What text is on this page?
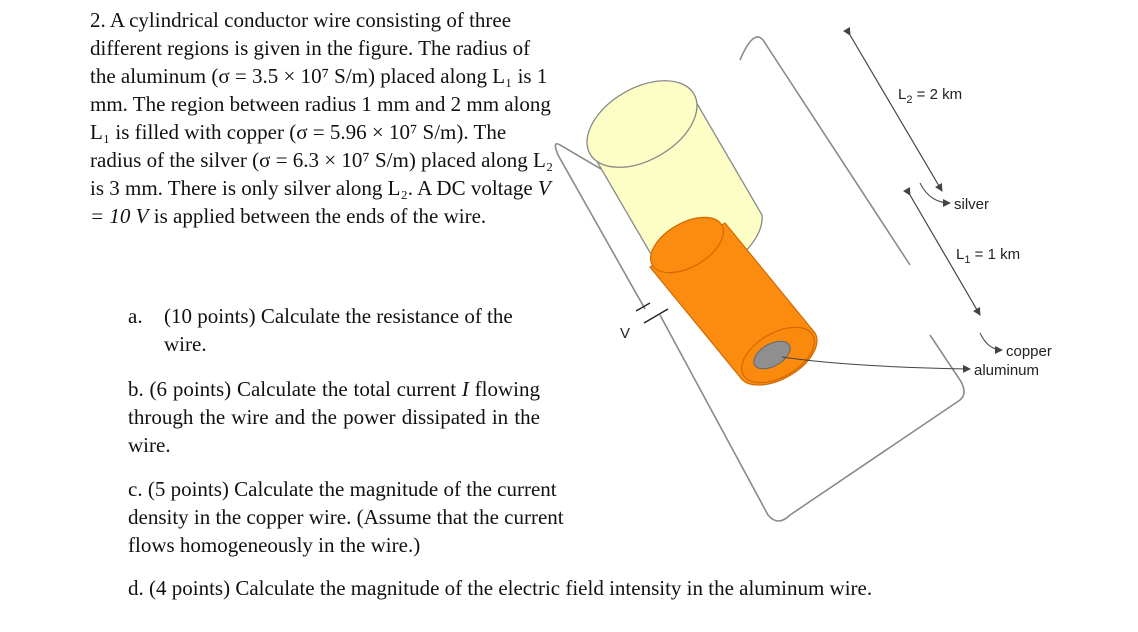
2. A cylindrical conductor wire consisting of three different regions is given in the figure. The radius of the aluminum (σ = 3.5 × 10⁷ S/m) placed along L₁ is 1 mm. The region between radius 1 mm and 2 mm along L₁ is filled with copper (σ = 5.96 × 10⁷ S/m). The radius of the silver (σ = 6.3 × 10⁷ S/m) placed along L₂ is 3 mm. There is only silver along L₂. A DC voltage V = 10 V is applied between the ends of the wire.

a. (10 points) Calculate the resistance of the wire.
b. (6 points) Calculate the total current I flowing through the wire and the power dissipated in the wire.
c. (5 points) Calculate the magnitude of the current density in the copper wire. (Assume that the current flows homogeneously in the wire.)
d. (4 points) Calculate the magnitude of the electric field intensity in the aluminum wire.
V
$L_2 = 2$ km
silver
$L_1 = 1$ km
copper
aluminum
